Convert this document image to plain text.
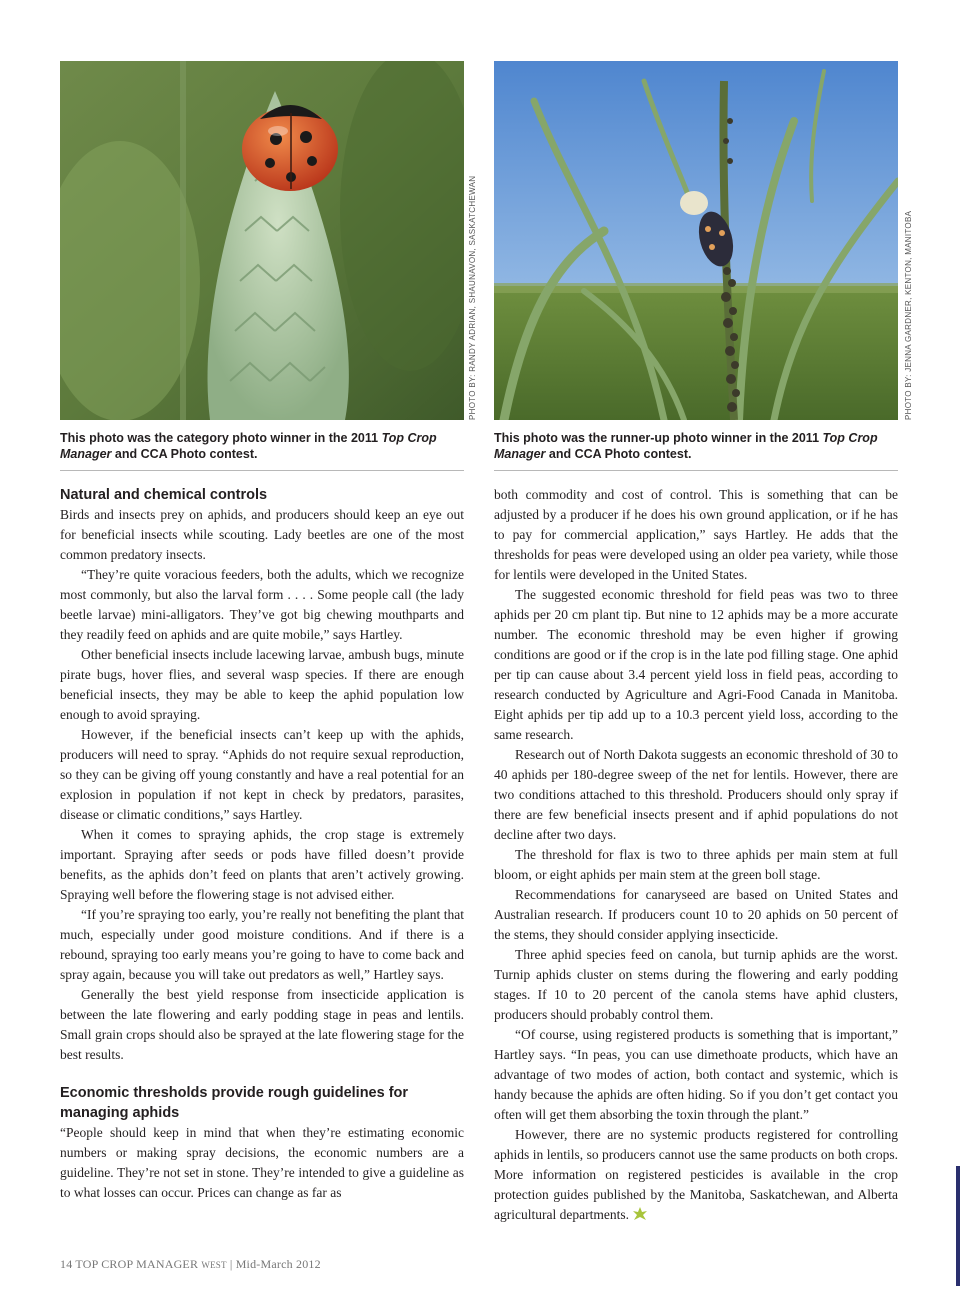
PHOTO BY: RANDY ADRIAN, SHAUNAVON, SASKATCHEWAN	PHOTO BY: JENNA GARDNER, KENTON, MANITOBA
This photo was the category photo winner in the 2011 Top Crop Manager and CCA Photo contest.
This photo was the runner-up photo winner in the 2011 Top Crop Manager and CCA Photo contest.
Natural and chemical controls

Birds and insects prey on aphids, and producers should keep an eye out for beneficial insects while scouting. Lady beetles are one of the most common predatory insects.

“They’re quite voracious feeders, both the adults, which we recognize most commonly, but also the larval form . . . . Some people call (the lady beetle larvae) mini-alligators. They’ve got big chewing mouthparts and they readily feed on aphids and are quite mobile,” says Hartley.

Other beneficial insects include lacewing larvae, ambush bugs, minute pirate bugs, hover flies, and several wasp species. If there are enough beneficial insects, they may be able to keep the aphid population low enough to avoid spraying.

However, if the beneficial insects can’t keep up with the aphids, producers will need to spray. “Aphids do not require sexual reproduction, so they can be giving off young constantly and have a real potential for an explosion in population if not kept in check by predators, parasites, disease or climatic conditions,” says Hartley.

When it comes to spraying aphids, the crop stage is extremely important. Spraying after seeds or pods have filled doesn’t provide benefits, as the aphids don’t feed on plants that aren’t actively growing. Spraying well before the flowering stage is not advised either.

“If you’re spraying too early, you’re really not benefiting the plant that much, especially under good moisture conditions. And if there is a rebound, spraying too early means you’re going to have to come back and spray again, because you will take out predators as well,” Hartley says.

Generally the best yield response from insecticide application is between the late flowering and early podding stage in peas and lentils. Small grain crops should also be sprayed at the late flowering stage for the best results.

Economic thresholds provide rough guidelines for managing aphids

“People should keep in mind that when they’re estimating economic numbers or making spray decisions, the economic numbers are a guideline. They’re not set in stone. They’re intended to give a guideline as to what losses can occur. Prices can change as far as

both commodity and cost of control. This is something that can be adjusted by a producer if he does his own ground application, or if he has to pay for commercial application,” says Hartley. He adds that the thresholds for peas were developed using an older pea variety, while those for lentils were developed in the United States.

The suggested economic threshold for field peas was two to three aphids per 20 cm plant tip. But nine to 12 aphids may be a more accurate number. The economic threshold may be even higher if growing conditions are good or if the crop is in the late pod filling stage. One aphid per tip can cause about 3.4 percent yield loss in field peas, according to research conducted by Agriculture and Agri-Food Canada in Manitoba. Eight aphids per tip add up to a 10.3 percent yield loss, according to the same research.

Research out of North Dakota suggests an economic threshold of 30 to 40 aphids per 180-degree sweep of the net for lentils. However, there are two conditions attached to this threshold. Producers should only spray if there are few beneficial insects present and if aphid populations do not decline after two days.

The threshold for flax is two to three aphids per main stem at full bloom, or eight aphids per main stem at the green boll stage.

Recommendations for canaryseed are based on United States and Australian research. If producers count 10 to 20 aphids on 50 percent of the stems, they should consider applying insecticide.

Three aphid species feed on canola, but turnip aphids are the worst. Turnip aphids cluster on stems during the flowering and early podding stages. If 10 to 20 percent of the canola stems have aphid clusters, producers should probably control them.

“Of course, using registered products is something that is important,” Hartley says. “In peas, you can use dimethoate products, which have an advantage of two modes of action, both contact and systemic, which is handy because the aphids are often hiding. So if you don’t get contact you often will get them absorbing the toxin through the plant.”

However, there are no systemic products registered for controlling aphids in lentils, so producers cannot use the same products on both crops. More information on registered pesticides is available in the crop protection guides published by the Manitoba, Saskatchewan, and Alberta agricultural departments.

14 TOP CROP MANAGER WEST | Mid-March 2012
